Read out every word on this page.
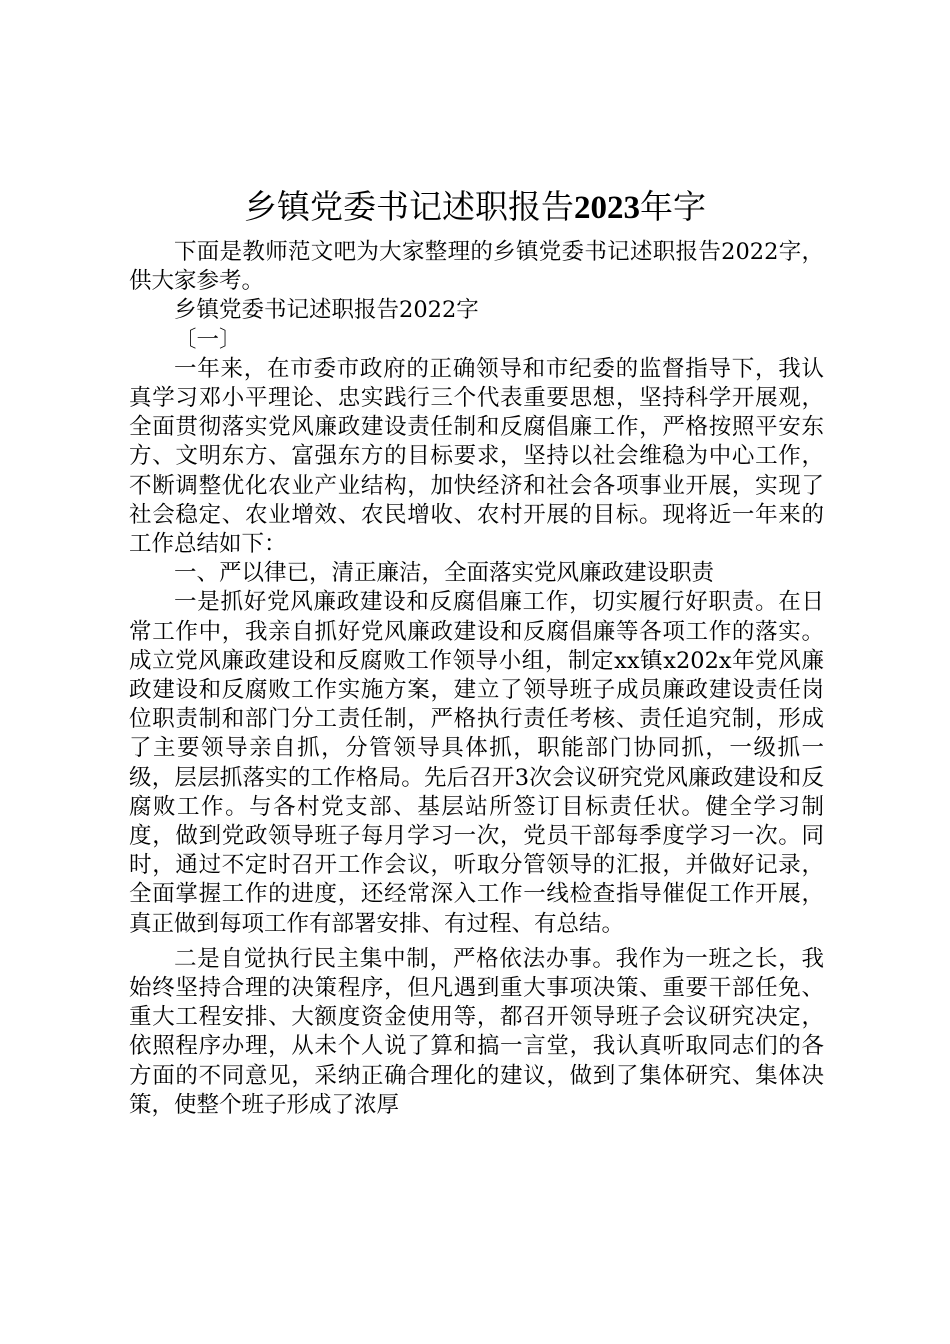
乡镇党委书记述职报告2023年字

下面是教师范文吧为大家整理的乡镇党委书记述职报告2022字，供大家参考。

乡镇党委书记述职报告2022字

〔一〕

一年来，在市委市政府的正确领导和市纪委的监督指导下，我认真学习邓小平理论、忠实践行三个代表重要思想，坚持科学开展观，全面贯彻落实党风廉政建设责任制和反腐倡廉工作，严格按照平安东方、文明东方、富强东方的目标要求，坚持以社会维稳为中心工作，不断调整优化农业产业结构，加快经济和社会各项事业开展，实现了社会稳定、农业增效、农民增收、农村开展的目标。现将近一年来的工作总结如下：

一、严以律已，清正廉洁，全面落实党风廉政建设职责

一是抓好党风廉政建设和反腐倡廉工作，切实履行好职责。在日常工作中，我亲自抓好党风廉政建设和反腐倡廉等各项工作的落实。成立党风廉政建设和反腐败工作领导小组，制定xx镇x202x年党风廉政建设和反腐败工作实施方案，建立了领导班子成员廉政建设责任岗位职责制和部门分工责任制，严格执行责任考核、责任追究制，形成了主要领导亲自抓，分管领导具体抓，职能部门协同抓，一级抓一级，层层抓落实的工作格局。先后召开3次会议研究党风廉政建设和反腐败工作。与各村党支部、基层站所签订目标责任状。健全学习制度，做到党政领导班子每月学习一次，党员干部每季度学习一次。同时，通过不定时召开工作会议，听取分管领导的汇报，并做好记录，全面掌握工作的进度，还经常深入工作一线检查指导催促工作开展，真正做到每项工作有部署安排、有过程、有总结。

二是自觉执行民主集中制，严格依法办事。我作为一班之长，我始终坚持合理的决策程序，但凡遇到重大事项决策、重要干部任免、重大工程安排、大额度资金使用等，都召开领导班子会议研究决定，依照程序办理，从未个人说了算和搞一言堂，我认真听取同志们的各方面的不同意见，采纳正确合理化的建议，做到了集体研究、集体决策，使整个班子形成了浓厚
